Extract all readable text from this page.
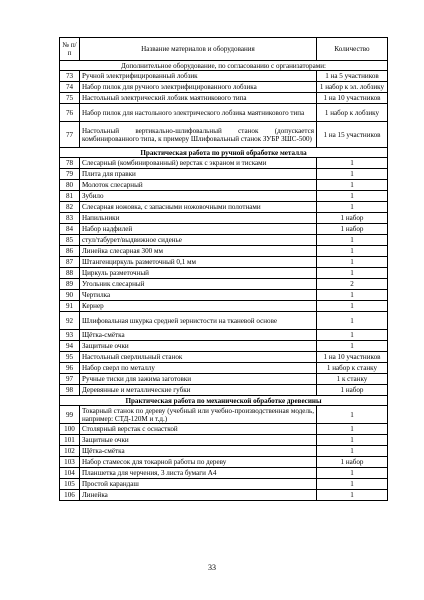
№ п/п	Название материалов и оборудования	Количество
Дополнительное оборудование, по согласованию с организаторами:		
73	Ручной электрифицированный лобзик	1 на 5 участников
74	Набор пилок для ручного электрифицированного лобзика	1 набор к эл. лобзику
75	Настольный электрический лобзик маятникового типа	1 на 10 участников
76	Набор пилок для настольного электрического лобзика маятникового типа	1 набор к лобзику
77	Настольный вертикально-шлифовальный станок (допускается комбинированного типа, к примеру Шлифовальный станок ЗУБР ЗШС-500)	1 на 15 участников
Практическая работа по ручной обработке металла		
78	Слесарный (комбинированный) верстак с экраном и тисками	1
79	Плита для правки	1
80	Молоток слесарный	1
81	Зубило	1
82	Слесарная ножовка, с запасными ножовочными полотнами	1
83	Напильники	1 набор
84	Набор надфилей	1 набор
85	стул/табурет/выдвижное сиденье	1
86	Линейка слесарная 300 мм	1
87	Штангенциркуль разметочный 0,1 мм	1
88	Циркуль разметочный	1
89	Угольник слесарный	2
90	Чертилка	1
91	Кернер	1
92	Шлифовальная шкурка средней зернистости на тканевой основе	1
93	Щётка-смётка	1
94	Защитные очки	1
95	Настольный сверлильный станок	1 на 10 участников
96	Набор сверл по металлу	1 набор к станку
97	Ручные тиски для зажима заготовки	1 к станку
98	Деревянные и металлические губки	1 набор
Практическая работа по механической обработке древесины		
99	Токарный станок по дереву (учебный или учебно-производственная модель, например: СТД-120М и т.д.)	1
100	Столярный верстак с оснасткой	1
101	Защитные очки	1
102	Щётка-смётка	1
103	Набор стамесок для токарной работы по дереву	1 набор
104	Планшетка для черчения, 3 листа бумаги А4	1
105	Простой карандаш	1
106	Линейка	1
33
